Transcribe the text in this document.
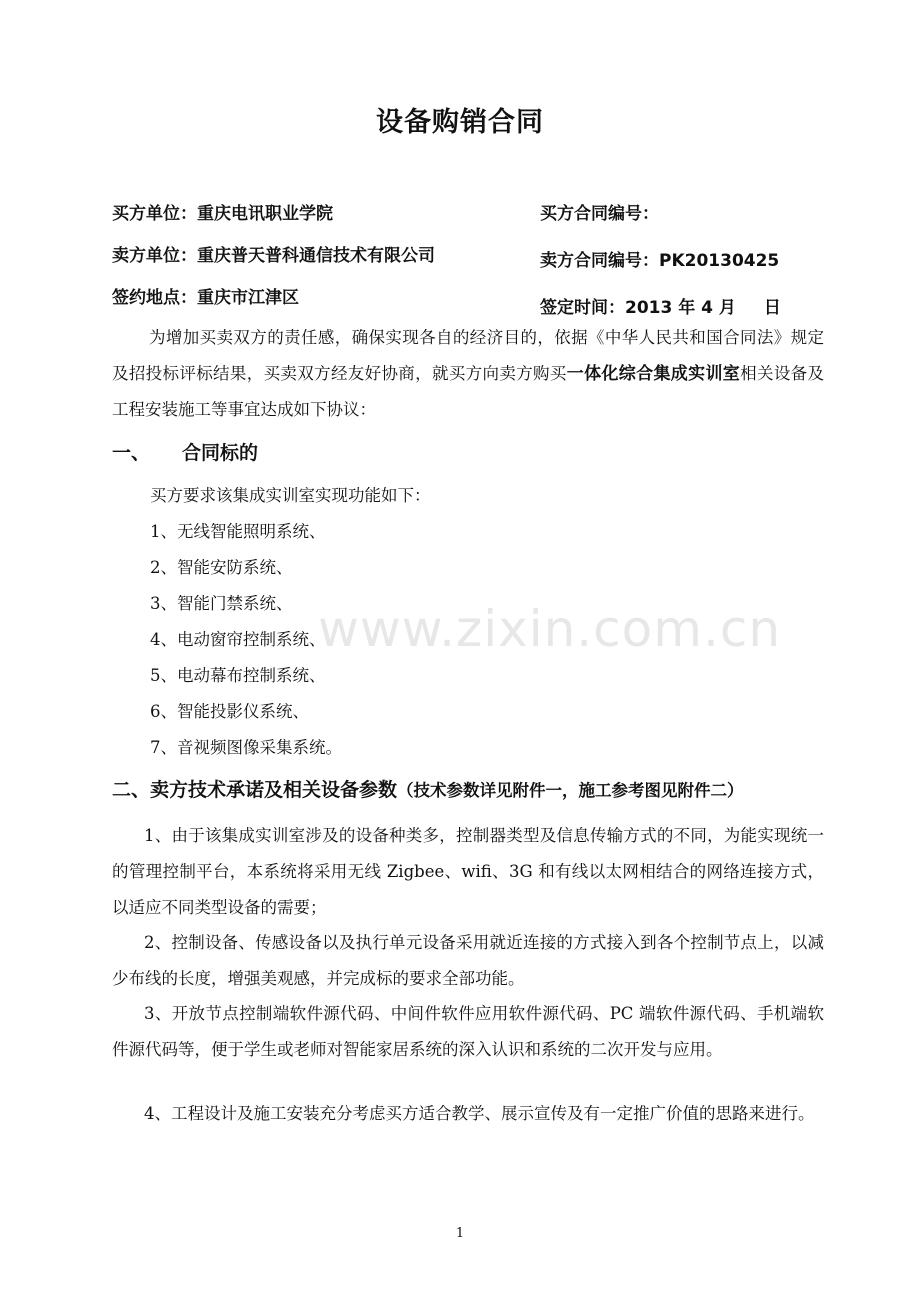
设备购销合同
买方单位：重庆电讯职业学院
卖方单位：重庆普天普科通信技术有限公司
签约地点：重庆市江津区
买方合同编号：
卖方合同编号：PK20130425
签定时间：2013 年 4 月 日

为增加买卖双方的责任感，确保实现各自的经济目的，依据《中华人民共和国合同法》规定及招投标评标结果，买卖双方经友好协商，就买方向卖方购买一体化综合集成实训室相关设备及工程安装施工等事宜达成如下协议：

一、 合同标的
买方要求该集成实训室实现功能如下：
1、无线智能照明系统、
2、智能安防系统、
3、智能门禁系统、
4、电动窗帘控制系统、
5、电动幕布控制系统、
6、智能投影仪系统、
7、音视频图像采集系统。
二、卖方技术承诺及相关设备参数（技术参数详见附件一，施工参考图见附件二）

1、由于该集成实训室涉及的设备种类多，控制器类型及信息传输方式的不同，为能实现统一的管理控制平台，本系统将采用无线 Zigbee、wifi、3G 和有线以太网相结合的网络连接方式，以适应不同类型设备的需要；

2、控制设备、传感设备以及执行单元设备采用就近连接的方式接入到各个控制节点上，以减少布线的长度，增强美观感，并完成标的要求全部功能。

3、开放节点控制端软件源代码、中间件软件应用软件源代码、PC 端软件源代码、手机端软件源代码等，便于学生或老师对智能家居系统的深入认识和系统的二次开发与应用。

4、工程设计及施工安装充分考虑买方适合教学、展示宣传及有一定推广价值的思路来进行。

www.zixin.com.cn
1
